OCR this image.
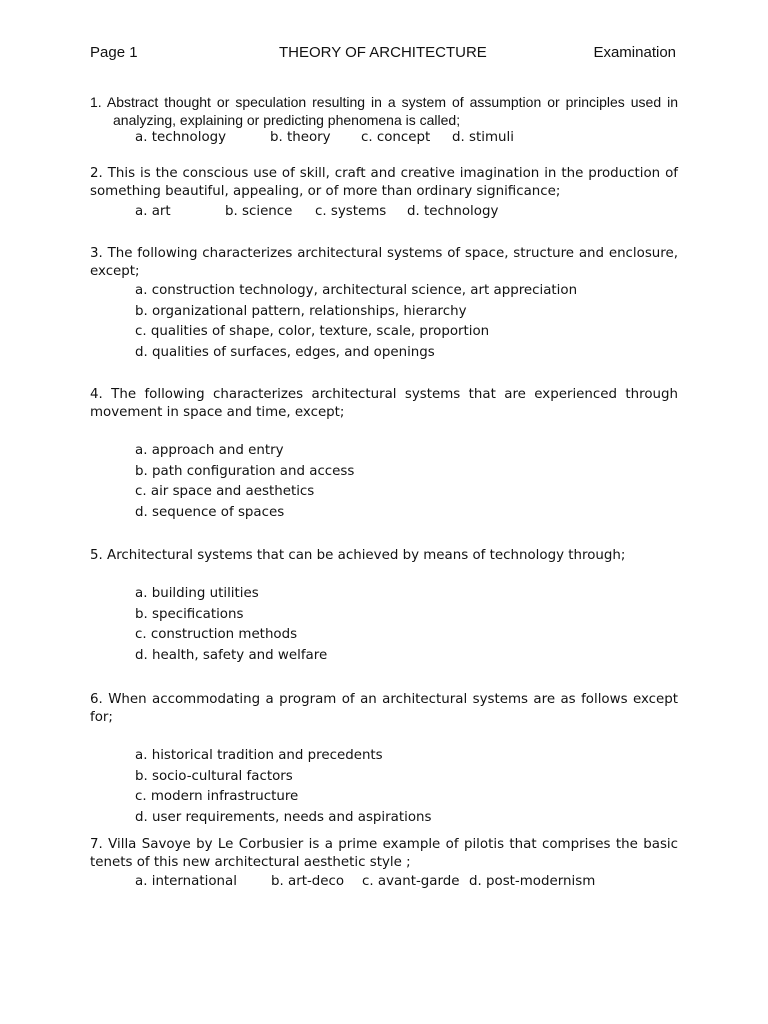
Page 1	THEORY OF ARCHITECTURE	Examination
1. Abstract thought or speculation resulting in a system of assumption or principles used in analyzing, explaining or predicting phenomena is called;
a. technology	b. theory c. concept d. stimuli
2. This is the conscious use of skill, craft and creative imagination in the production of something beautiful, appealing, or of more than ordinary significance;
a. art	b. science c. systems d. technology
3. The following characterizes architectural systems of space, structure and enclosure, except;
a. construction technology, architectural science, art appreciation
b. organizational pattern, relationships, hierarchy
c. qualities of shape, color, texture, scale, proportion
d. qualities of surfaces, edges, and openings
4. The following characterizes architectural systems that are experienced through movement in space and time, except;
a. approach and entry
b. path configuration and access
c. air space and aesthetics
d. sequence of spaces
5. Architectural systems that can be achieved by means of technology through;
a. building utilities
b. specifications
c. construction methods
d. health, safety and welfare
6. When accommodating a program of an architectural systems are as follows except for;
a. historical tradition and precedents
b. socio-cultural factors
c. modern infrastructure
d. user requirements, needs and aspirations
7. Villa Savoye by Le Corbusier is a prime example of pilotis that comprises the basic tenets of this new architectural aesthetic style ;
a. international	b. art-deco c. avant-garde d. post-modernism
